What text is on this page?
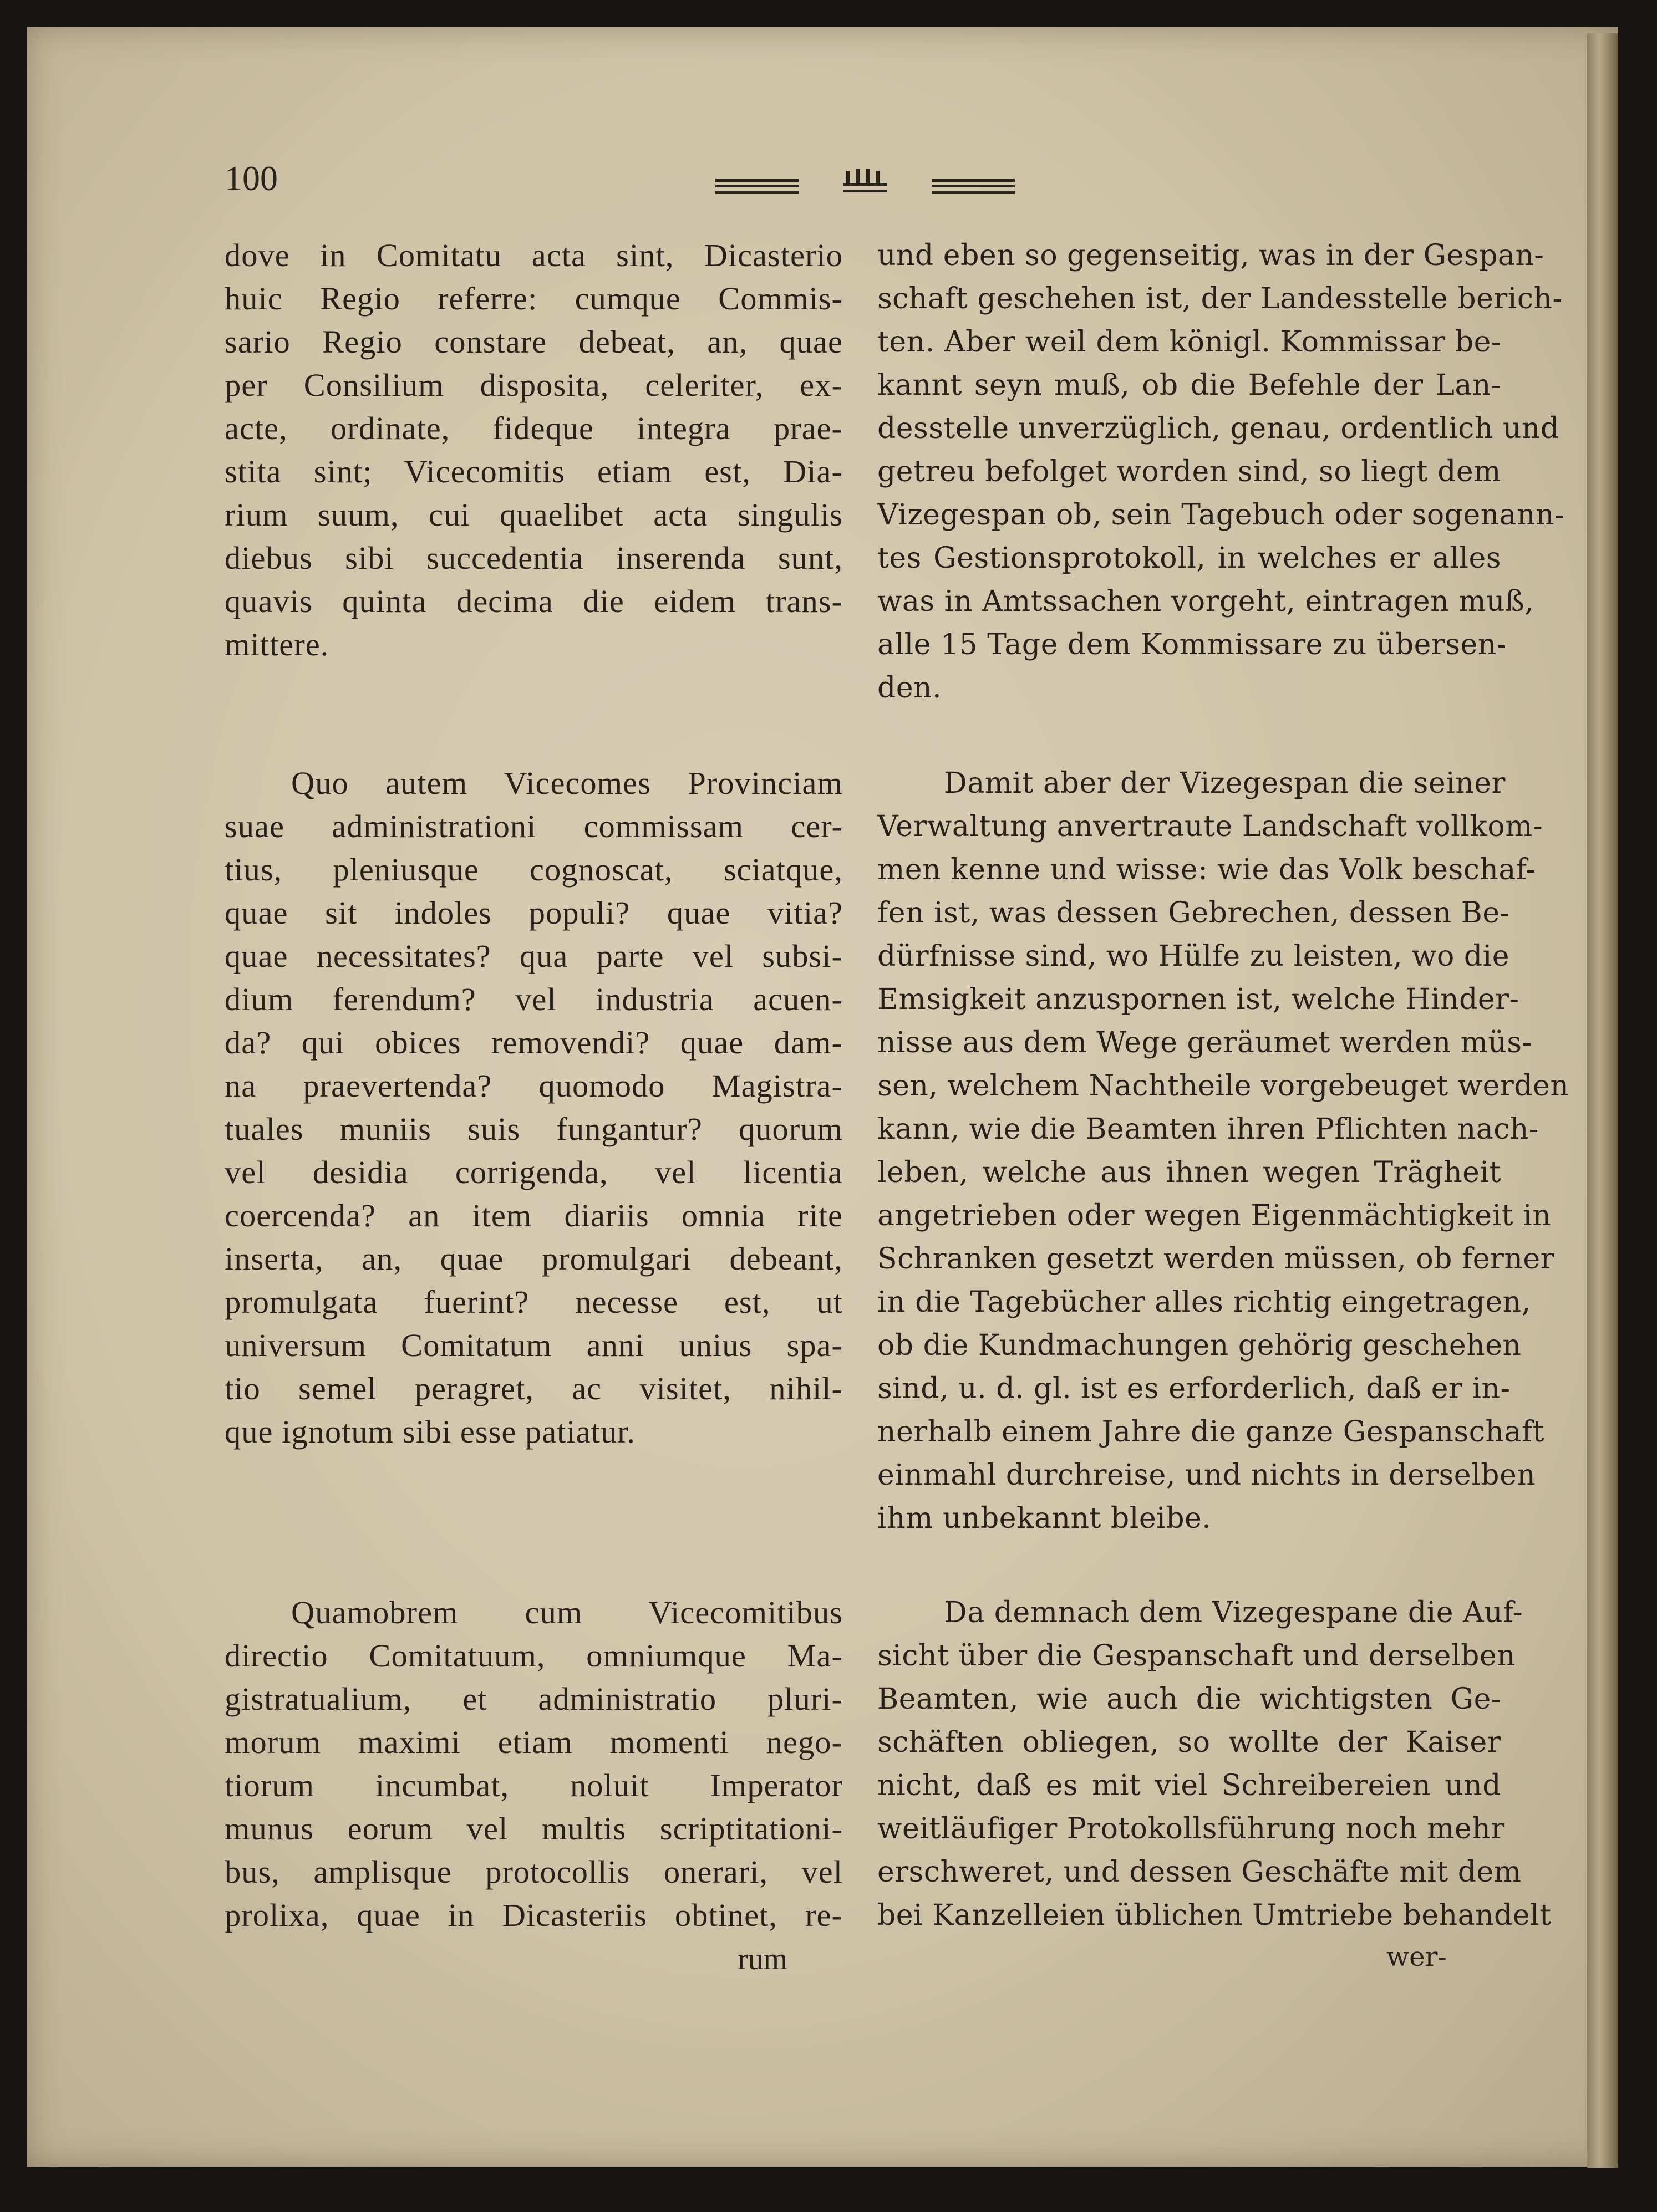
100
dove in Comitatu acta sint, Dicasterio
huic Regio referre: cumque Commis-
sario Regio constare debeat, an, quae
per Consilium disposita, celeriter, ex-
acte, ordinate, fideque integra prae-
stita sint; Vicecomitis etiam est, Dia-
rium suum, cui quaelibet acta singulis
diebus sibi succedentia inserenda sunt,
quavis quinta decima die eidem trans-
mittere.
Quo autem Vicecomes Provinciam
suae administrationi commissam cer-
tius, pleniusque cognoscat, sciatque,
quae sit indoles populi? quae vitia?
quae necessitates? qua parte vel subsi-
dium ferendum? vel industria acuen-
da? qui obices removendi? quae dam-
na praevertenda? quomodo Magistra-
tuales muniis suis fungantur? quorum
vel desidia corrigenda, vel licentia
coercenda? an item diariis omnia rite
inserta, an, quae promulgari debeant,
promulgata fuerint? necesse est, ut
universum Comitatum anni unius spa-
tio semel peragret, ac visitet, nihil-
que ignotum sibi esse patiatur.
Quamobrem cum Vicecomitibus
directio Comitatuum, omniumque Ma-
gistratualium, et administratio pluri-
morum maximi etiam momenti nego-
tiorum incumbat, noluit Imperator
munus eorum vel multis scriptitationi-
bus, amplisque protocollis onerari, vel
prolixa, quae in Dicasteriis obtinet, re-
rum
und eben so gegenseitig, was in der Gespan-
schaft geschehen ist, der Landesstelle berich-
ten. Aber weil dem königl. Kommissar be-
kannt seyn muß, ob die Befehle der Lan-
desstelle unverzüglich, genau, ordentlich und
getreu befolget worden sind, so liegt dem
Vizegespan ob, sein Tagebuch oder sogenann-
tes Gestionsprotokoll, in welches er alles
was in Amtssachen vorgeht, eintragen muß,
alle 15 Tage dem Kommissare zu übersen-
den.
Damit aber der Vizegespan die seiner
Verwaltung anvertraute Landschaft vollkom-
men kenne und wisse: wie das Volk beschaf-
fen ist, was dessen Gebrechen, dessen Be-
dürfnisse sind, wo Hülfe zu leisten, wo die
Emsigkeit anzuspornen ist, welche Hinder-
nisse aus dem Wege geräumet werden müs-
sen, welchem Nachtheile vorgebeuget werden
kann, wie die Beamten ihren Pflichten nach-
leben, welche aus ihnen wegen Trägheit
angetrieben oder wegen Eigenmächtigkeit in
Schranken gesetzt werden müssen, ob ferner
in die Tagebücher alles richtig eingetragen,
ob die Kundmachungen gehörig geschehen
sind, u. d. gl. ist es erforderlich, daß er in-
nerhalb einem Jahre die ganze Gespanschaft
einmahl durchreise, und nichts in derselben
ihm unbekannt bleibe.
Da demnach dem Vizegespane die Auf-
sicht über die Gespanschaft und derselben
Beamten, wie auch die wichtigsten Ge-
schäften obliegen, so wollte der Kaiser
nicht, daß es mit viel Schreibereien und
weitläufiger Protokollsführung noch mehr
erschweret, und dessen Geschäfte mit dem
bei Kanzelleien üblichen Umtriebe behandelt
wer-
